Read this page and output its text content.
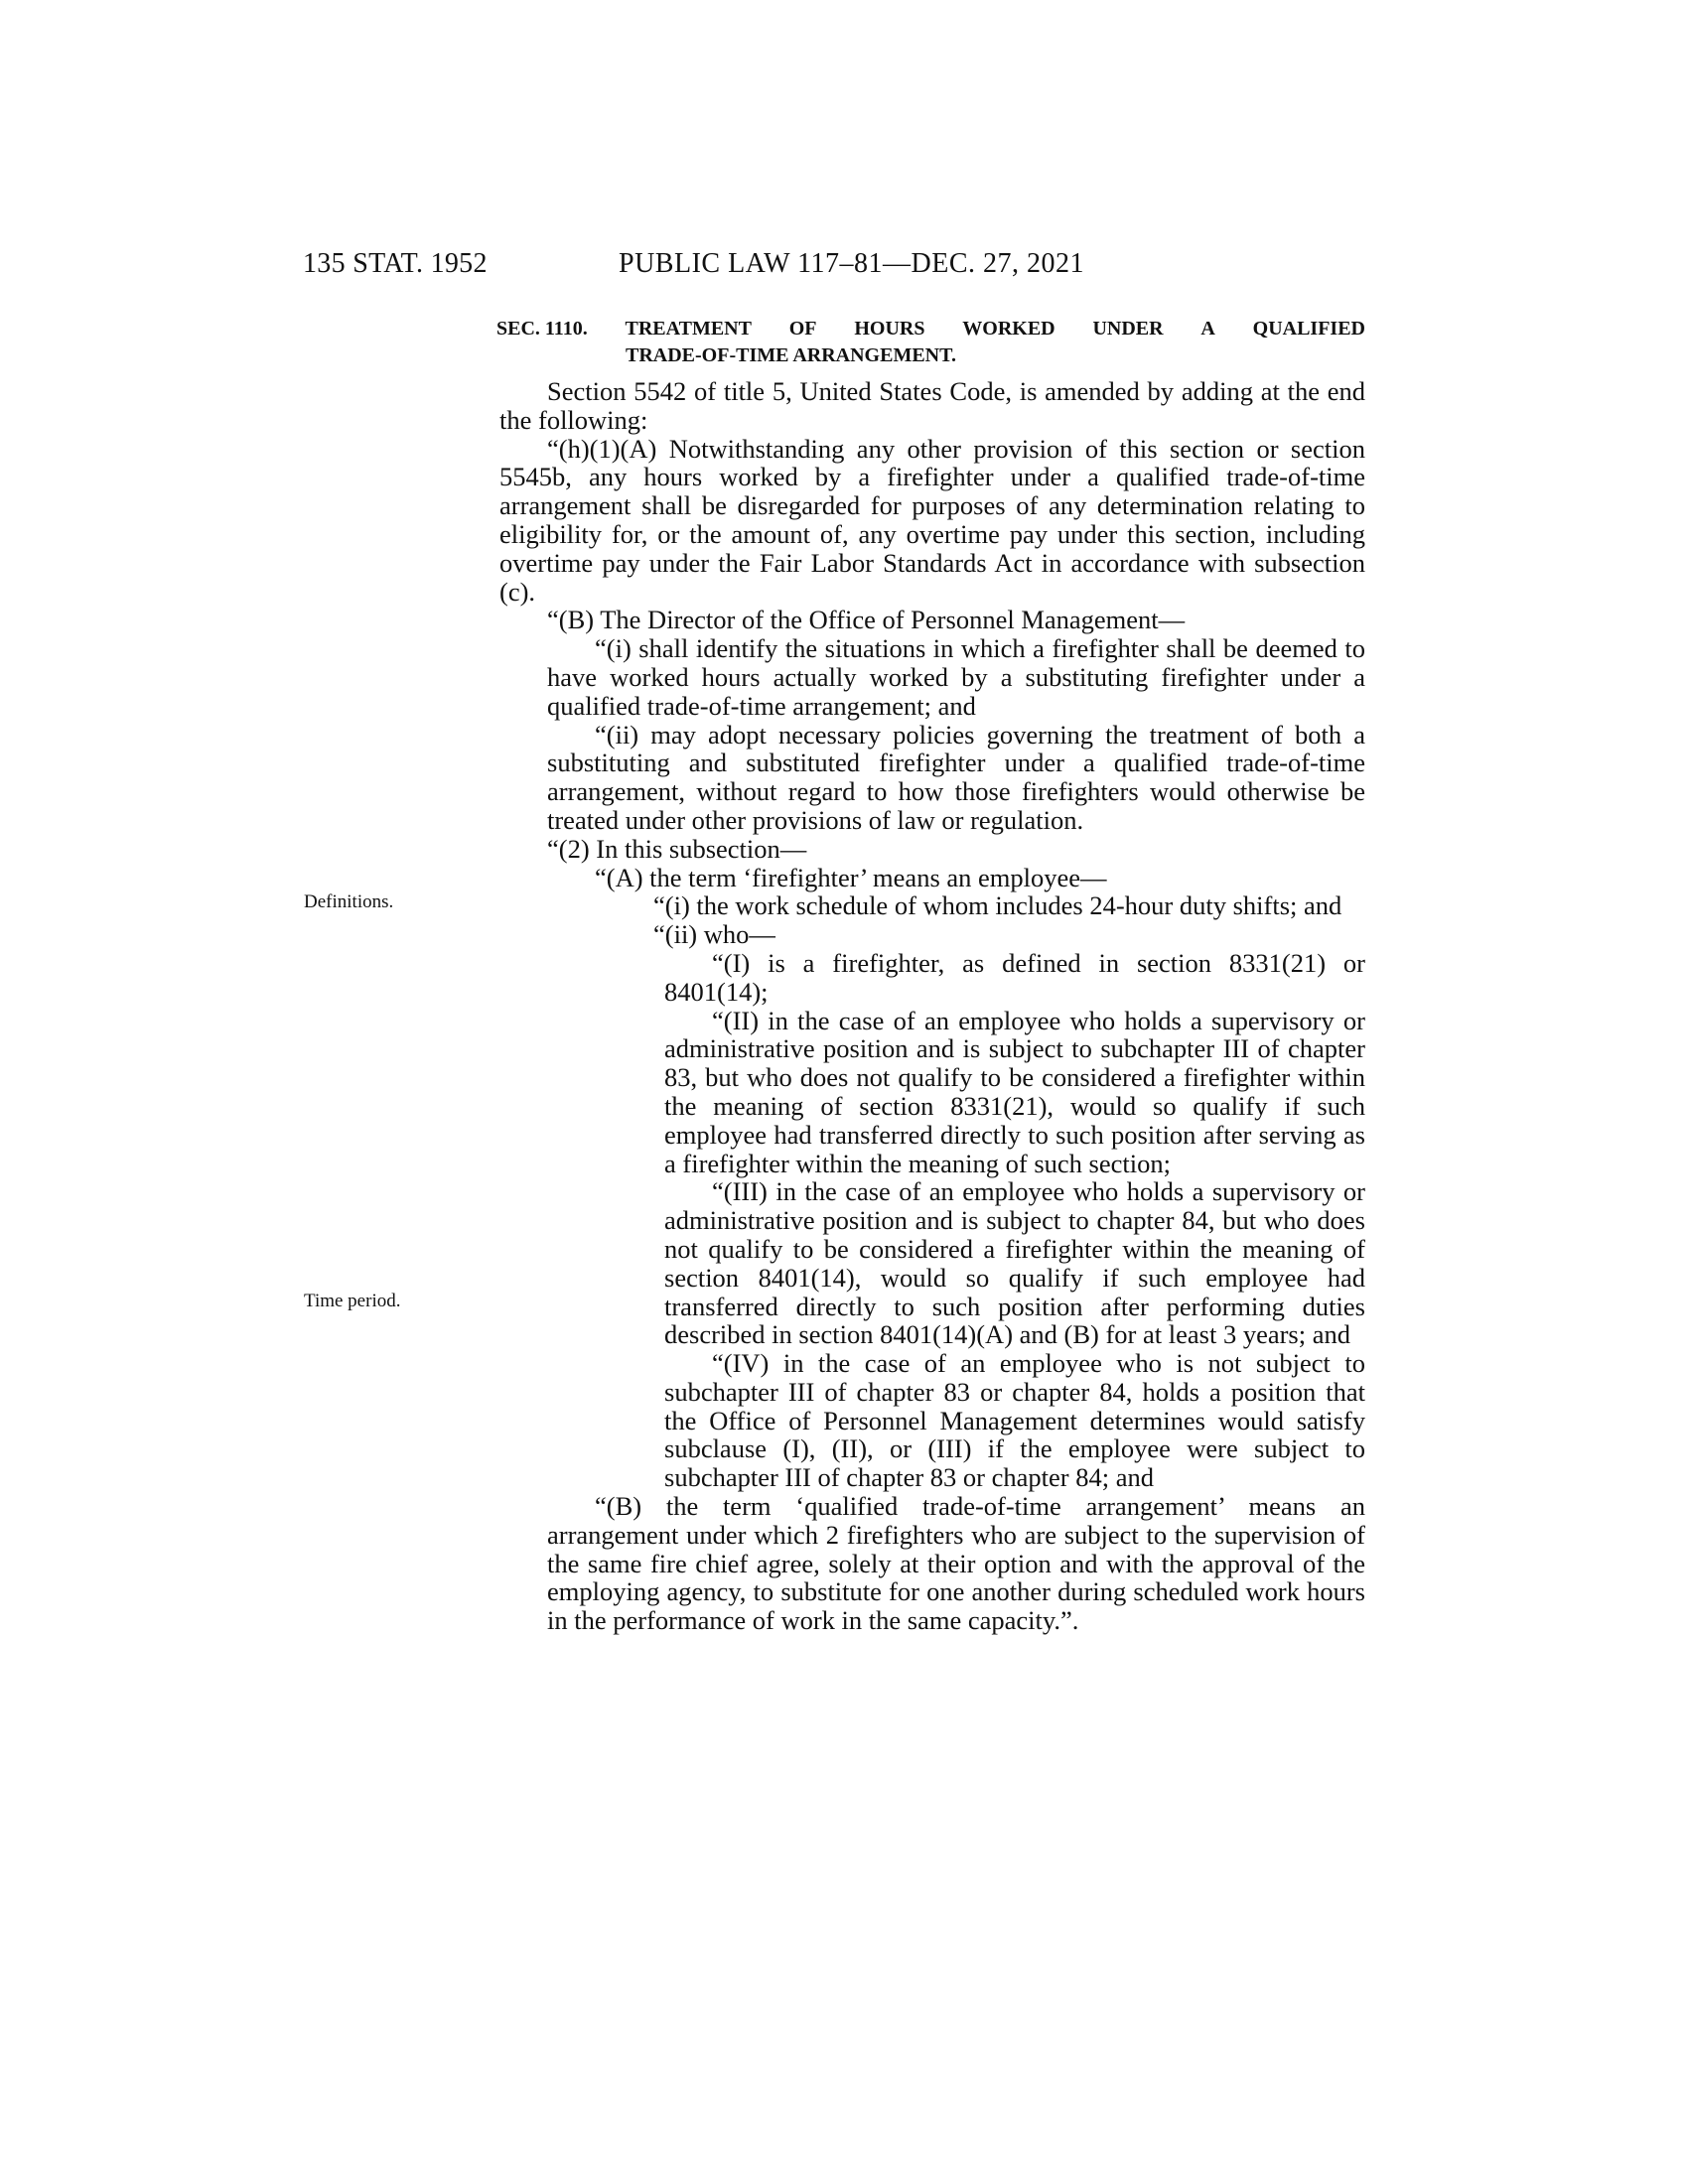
135 STAT. 1952	PUBLIC LAW 117–81—DEC. 27, 2021
SEC. 1110. TREATMENT OF HOURS WORKED UNDER A QUALIFIED
TRADE-OF-TIME ARRANGEMENT.
Definitions.
Time period.

Section 5542 of title 5, United States Code, is amended by adding at the end the following:

“(h)(1)(A) Notwithstanding any other provision of this section or section 5545b, any hours worked by a firefighter under a qualified trade-of-time arrangement shall be disregarded for purposes of any determination relating to eligibility for, or the amount of, any overtime pay under this section, including overtime pay under the Fair Labor Standards Act in accordance with subsection (c).

“(B) The Director of the Office of Personnel Management—

“(i) shall identify the situations in which a firefighter shall be deemed to have worked hours actually worked by a substituting firefighter under a qualified trade-of-time arrangement; and

“(ii) may adopt necessary policies governing the treatment of both a substituting and substituted firefighter under a qualified trade-of-time arrangement, without regard to how those firefighters would otherwise be treated under other provisions of law or regulation.

“(2) In this subsection—

“(A) the term ‘firefighter’ means an employee—

“(i) the work schedule of whom includes 24-hour duty shifts; and

“(ii) who—

“(I) is a firefighter, as defined in section 8331(21) or 8401(14);

“(II) in the case of an employee who holds a supervisory or administrative position and is subject to subchapter III of chapter 83, but who does not qualify to be considered a firefighter within the meaning of section 8331(21), would so qualify if such employee had transferred directly to such position after serving as a firefighter within the meaning of such section;

“(III) in the case of an employee who holds a supervisory or administrative position and is subject to chapter 84, but who does not qualify to be considered a firefighter within the meaning of section 8401(14), would so qualify if such employee had transferred directly to such position after performing duties described in section 8401(14)(A) and (B) for at least 3 years; and

“(IV) in the case of an employee who is not subject to subchapter III of chapter 83 or chapter 84, holds a position that the Office of Personnel Management determines would satisfy subclause (I), (II), or (III) if the employee were subject to subchapter III of chapter 83 or chapter 84; and

“(B) the term ‘qualified trade-of-time arrangement’ means an arrangement under which 2 firefighters who are subject to the supervision of the same fire chief agree, solely at their option and with the approval of the employing agency, to substitute for one another during scheduled work hours in the performance of work in the same capacity.”.
